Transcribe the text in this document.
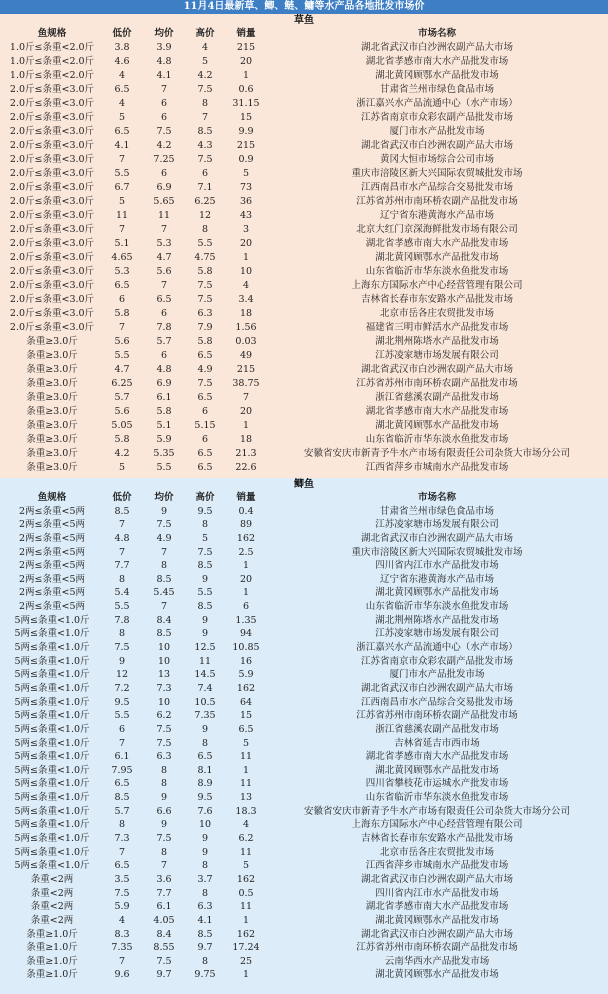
11月4日最新草、鲫、鲢、鳙等水产品各地批发市场价
草鱼
鱼规格	低价	均价	高价	销量	市场名称
1.0斤≤条重<2.0斤	3.8	3.9	4	215	湖北省武汉市白沙洲农副产品大市场
1.0斤≤条重<2.0斤	4.6	4.8	5	20	湖北省孝感市南大水产品批发市场
1.0斤≤条重<2.0斤	4	4.1	4.2	1	湖北黄冈顾鄂水产品批发市场
2.0斤≤条重<3.0斤	6.5	7	7.5	0.6	甘肃省兰州市绿色食品市场
2.0斤≤条重<3.0斤	4	6	8	31.15	浙江嘉兴水产品流通中心（水产市场）
2.0斤≤条重<3.0斤	5	6	7	15	江苏省南京市众彩农副产品批发市场
2.0斤≤条重<3.0斤	6.5	7.5	8.5	9.9	厦门市水产品批发市场
2.0斤≤条重<3.0斤	4.1	4.2	4.3	215	湖北省武汉市白沙洲农副产品大市场
2.0斤≤条重<3.0斤	7	7.25	7.5	0.9	黄冈大恒市场综合公司市场
2.0斤≤条重<3.0斤	5.5	6	6	5	重庆市涪陵区新大兴国际农贸城批发市场
2.0斤≤条重<3.0斤	6.7	6.9	7.1	73	江西南昌市水产品综合交易批发市场
2.0斤≤条重<3.0斤	5	5.65	6.25	36	江苏省苏州市南环桥农副产品批发市场
2.0斤≤条重<3.0斤	11	11	12	43	辽宁省东港黄海水产品市场
2.0斤≤条重<3.0斤	7	7	8	3	北京大红门京深海鲜批发市场有限公司
2.0斤≤条重<3.0斤	5.1	5.3	5.5	20	湖北省孝感市南大水产品批发市场
2.0斤≤条重<3.0斤	4.65	4.7	4.75	1	湖北黄冈顾鄂水产品批发市场
2.0斤≤条重<3.0斤	5.3	5.6	5.8	10	山东省临沂市华东淡水鱼批发市场
2.0斤≤条重<3.0斤	6.5	7	7.5	4	上海东方国际水产中心经营管理有限公司
2.0斤≤条重<3.0斤	6	6.5	7.5	3.4	吉林省长春市东安路水产品批发市场
2.0斤≤条重<3.0斤	5.8	6	6.3	18	北京市岳各庄农贸批发市场
2.0斤≤条重<3.0斤	7	7.8	7.9	1.56	福建省三明市鲜活水产品批发市场
条重≥3.0斤	5.6	5.7	5.8	0.03	湖北荆州陈塔水产品批发市场
条重≥3.0斤	5.5	6	6.5	49	江苏凌家塘市场发展有限公司
条重≥3.0斤	4.7	4.8	4.9	215	湖北省武汉市白沙洲农副产品大市场
条重≥3.0斤	6.25	6.9	7.5	38.75	江苏省苏州市南环桥农副产品批发市场
条重≥3.0斤	5.7	6.1	6.5	7	浙江省慈溪农副产品批发市场
条重≥3.0斤	5.6	5.8	6	20	湖北省孝感市南大水产品批发市场
条重≥3.0斤	5.05	5.1	5.15	1	湖北黄冈顾鄂水产品批发市场
条重≥3.0斤	5.8	5.9	6	18	山东省临沂市华东淡水鱼批发市场
条重≥3.0斤	4.2	5.35	6.5	21.3	安徽省安庆市新青予牛水产市场有限责任公司杂货大市场分公司
条重≥3.0斤	5	5.5	6.5	22.6	江西省萍乡市城南水产品批发市场
鲫鱼
鱼规格	低价	均价	高价	销量	市场名称
2两≤条重<5两	8.5	9	9.5	0.4	甘肃省兰州市绿色食品市场
2两≤条重<5两	7	7.5	8	89	江苏凌家塘市场发展有限公司
2两≤条重<5两	4.8	4.9	5	162	湖北省武汉市白沙洲农副产品大市场
2两≤条重<5两	7	7	7.5	2.5	重庆市涪陵区新大兴国际农贸城批发市场
2两≤条重<5两	7.7	8	8.5	1	四川省内江市水产品批发市场
2两≤条重<5两	8	8.5	9	20	辽宁省东港黄海水产品市场
2两≤条重<5两	5.4	5.45	5.5	1	湖北黄冈顾鄂水产品批发市场
2两≤条重<5两	5.5	7	8.5	6	山东省临沂市华东淡水鱼批发市场
5两≤条重<1.0斤	7.8	8.4	9	1.35	湖北荆州陈塔水产品批发市场
5两≤条重<1.0斤	8	8.5	9	94	江苏凌家塘市场发展有限公司
5两≤条重<1.0斤	7.5	10	12.5	10.85	浙江嘉兴水产品流通中心（水产市场）
5两≤条重<1.0斤	9	10	11	16	江苏省南京市众彩农副产品批发市场
5两≤条重<1.0斤	12	13	14.5	5.9	厦门市水产品批发市场
5两≤条重<1.0斤	7.2	7.3	7.4	162	湖北省武汉市白沙洲农副产品大市场
5两≤条重<1.0斤	9.5	10	10.5	64	江西南昌市水产品综合交易批发市场
5两≤条重<1.0斤	5.5	6.2	7.35	15	江苏省苏州市南环桥农副产品批发市场
5两≤条重<1.0斤	6	7.5	9	6.5	浙江省慈溪农副产品批发市场
5两≤条重<1.0斤	7	7.5	8	5	吉林省延吉市西市场
5两≤条重<1.0斤	6.1	6.3	6.5	11	湖北省孝感市南大水产品批发市场
5两≤条重<1.0斤	7.95	8	8.1	1	湖北黄冈顾鄂水产品批发市场
5两≤条重<1.0斤	6.5	8	8.9	11	四川省攀枝花市运城水产批发市场
5两≤条重<1.0斤	8.5	9	9.5	13	山东省临沂市华东淡水鱼批发市场
5两≤条重<1.0斤	5.7	6.6	7.6	18.3	安徽省安庆市新青予牛水产市场有限责任公司杂货大市场分公司
5两≤条重<1.0斤	8	9	10	4	上海东方国际水产中心经营管理有限公司
5两≤条重<1.0斤	7.3	7.5	9	6.2	吉林省长春市东安路水产品批发市场
5两≤条重<1.0斤	7	8	9	11	北京市岳各庄农贸批发市场
5两≤条重<1.0斤	6.5	7	8	5	江西省萍乡市城南水产品批发市场
条重<2两	3.5	3.6	3.7	162	湖北省武汉市白沙洲农副产品大市场
条重<2两	7.5	7.7	8	0.5	四川省内江市水产品批发市场
条重<2两	5.9	6.1	6.3	11	湖北省孝感市南大水产品批发市场
条重<2两	4	4.05	4.1	1	湖北黄冈顾鄂水产品批发市场
条重≥1.0斤	8.3	8.4	8.5	162	湖北省武汉市白沙洲农副产品大市场
条重≥1.0斤	7.35	8.55	9.7	17.24	江苏省苏州市南环桥农副产品批发市场
条重≥1.0斤	7	7.5	8	25	云南华西水产品批发市场
条重≥1.0斤	9.6	9.7	9.75	1	湖北黄冈顾鄂水产品批发市场
